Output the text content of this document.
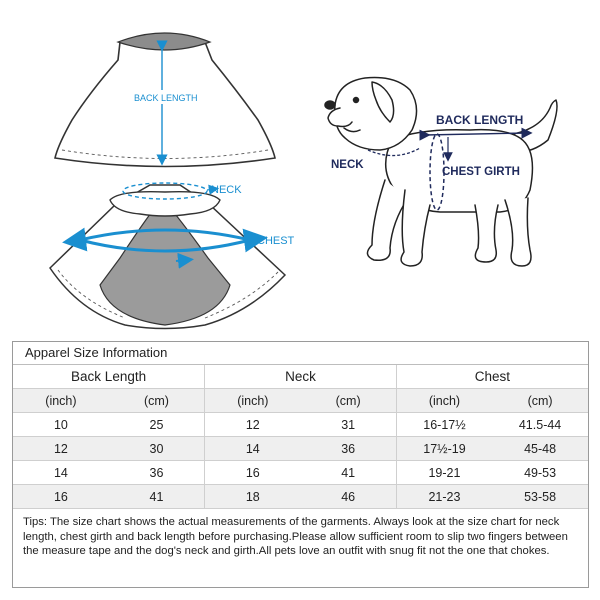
BACK LENGTH
NECK
CHEST
BACK LENGTH
NECK
CHEST GIRTH
Apparel Size Information
Back Length		Neck		Chest	
(inch)	(cm)	(inch)	(cm)	(inch)	(cm)
10	25	12	31	16-17½	41.5-44
12	30	14	36	17½-19	45-48
14	36	16	41	19-21	49-53
16	41	18	46	21-23	53-58
Tips: The size chart shows the actual measurements of the garments. Always look at the size chart for neck length, chest girth and back length before purchasing.Please allow sufficient room to slip two fingers between the measure tape and the dog's neck and girth.All pets love an outfit with snug fit not the one that chokes.
